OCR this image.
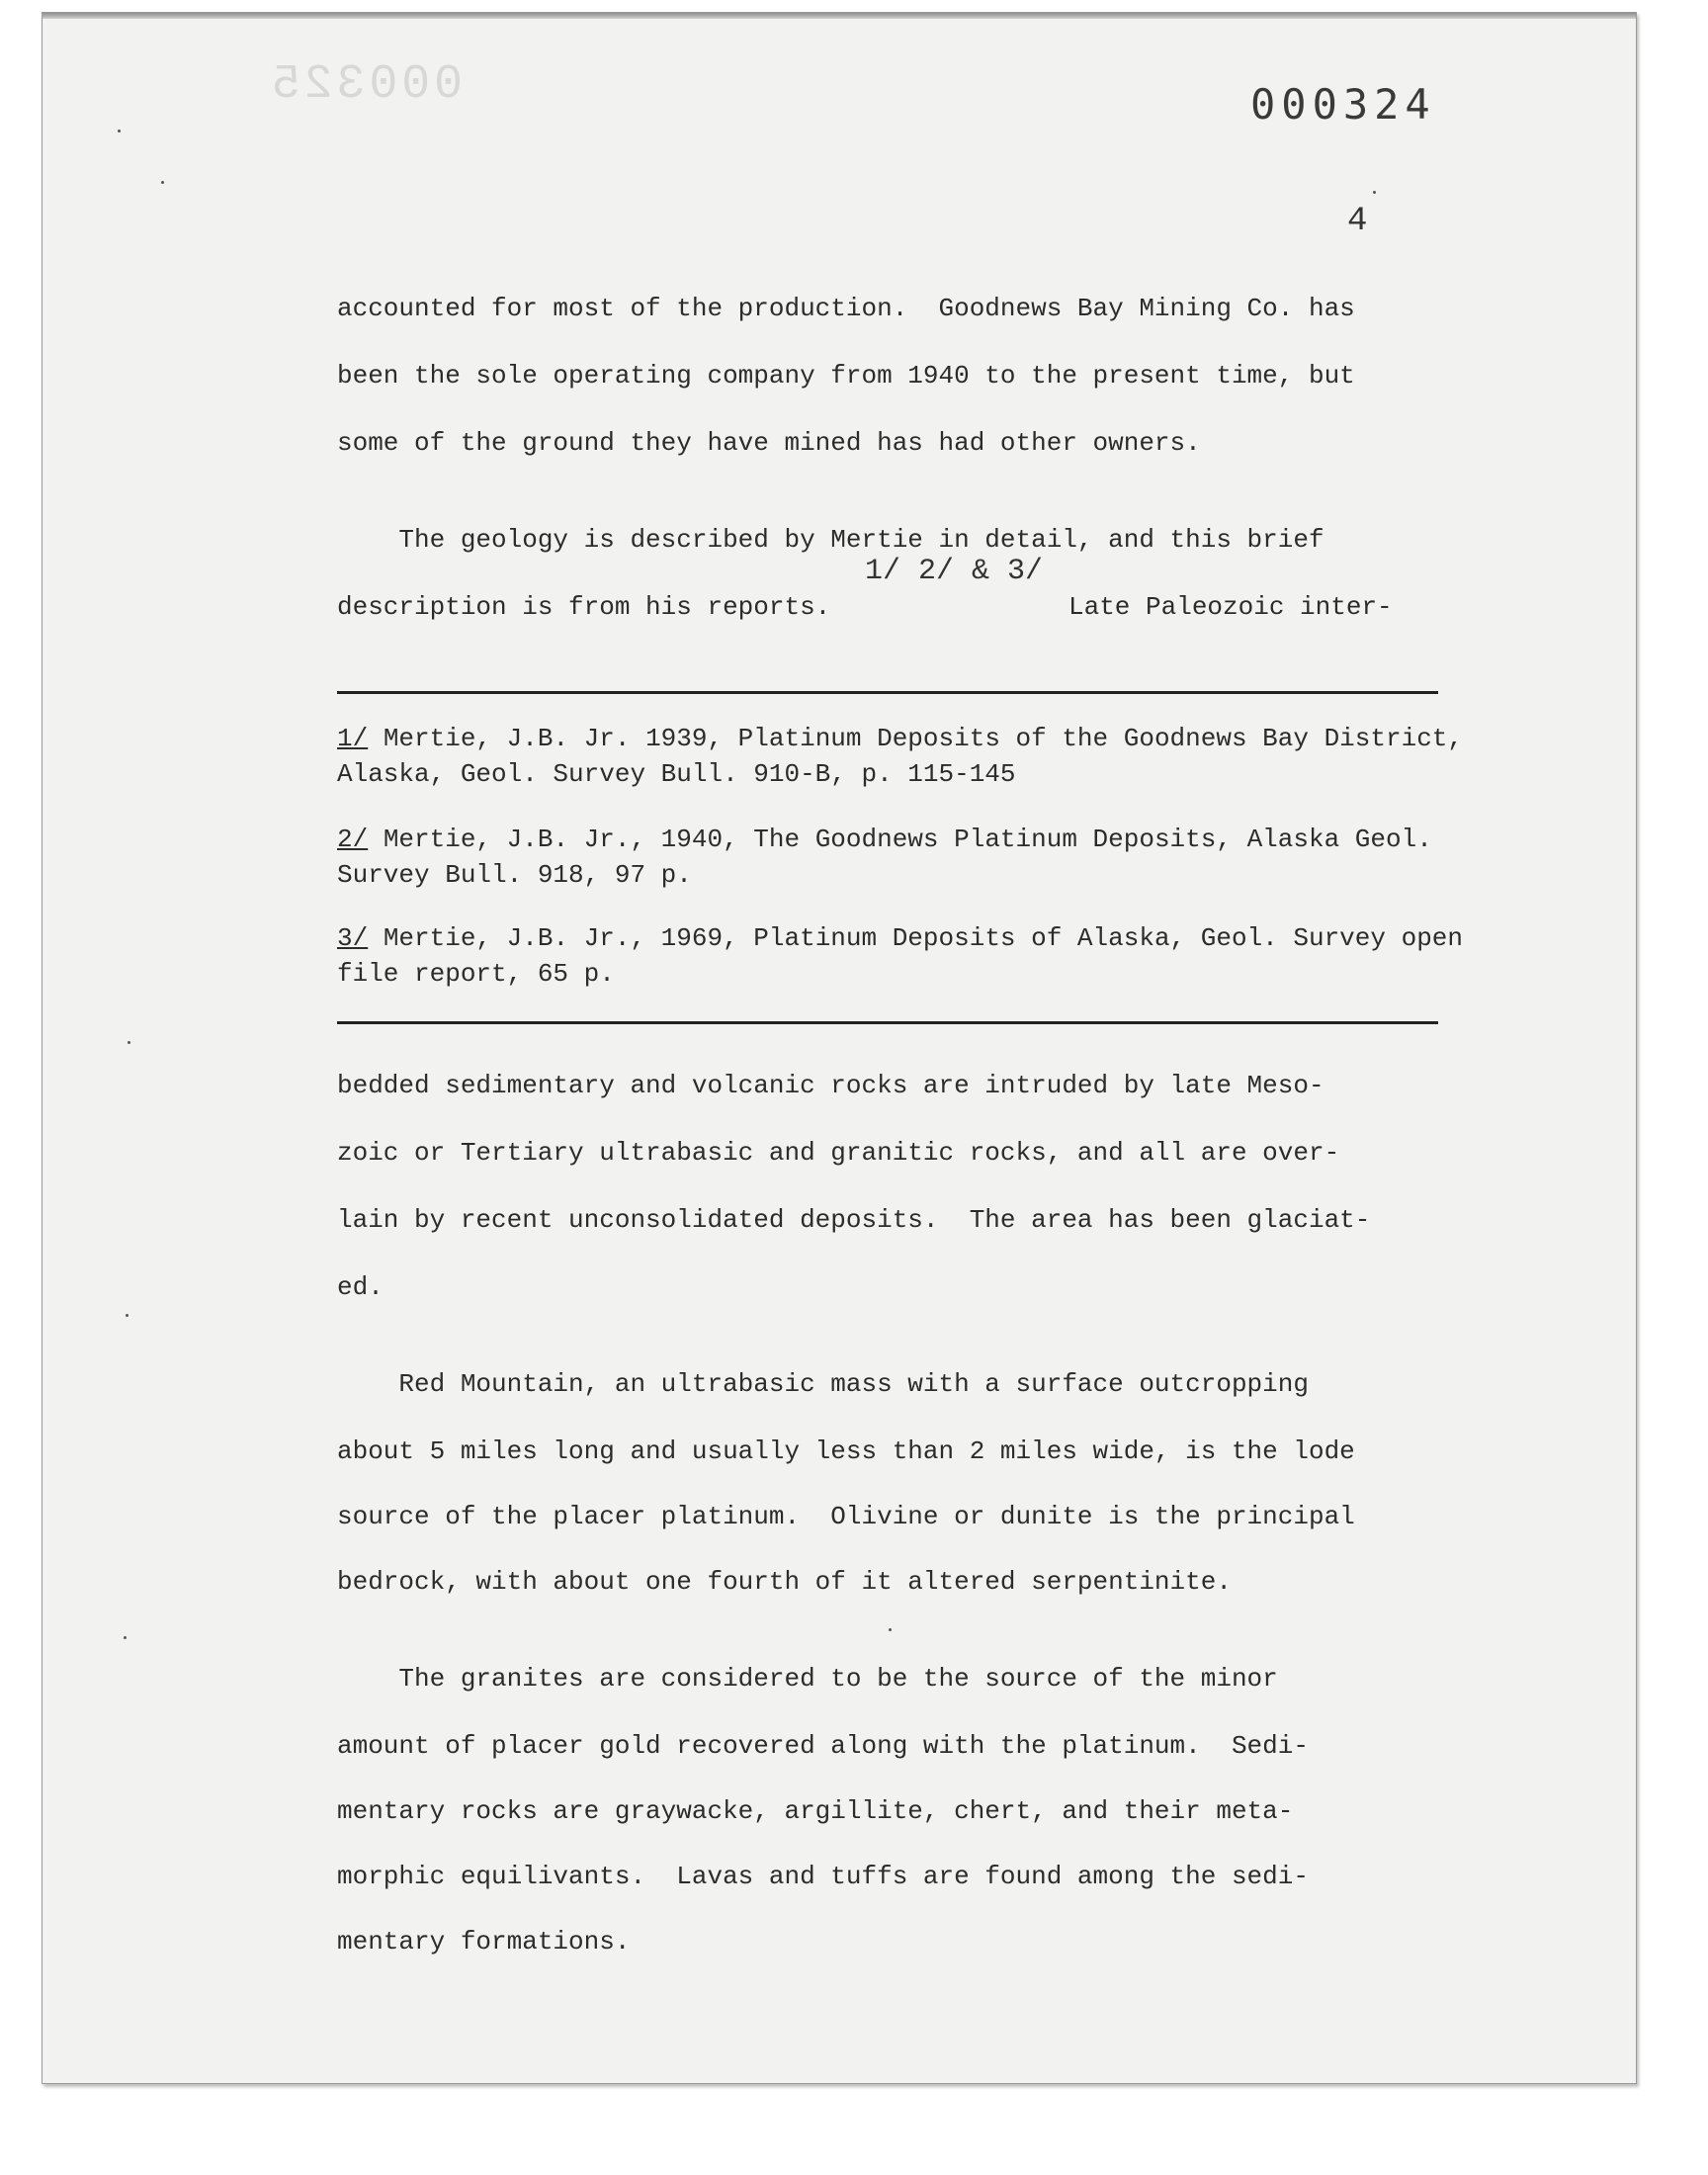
000325	000324
4
accounted for most of the production.  Goodnews Bay Mining Co. has
been the sole operating company from 1940 to the present time, but
some of the ground they have mined has had other owners.
The geology is described by Mertie in detail, and this brief
1/ 2/ & 3/
description is from his reports.	Late Paleozoic inter-
1/ Mertie, J.B. Jr. 1939, Platinum Deposits of the Goodnews Bay District, Alaska, Geol. Survey Bull. 910-B, p. 115-145
2/ Mertie, J.B. Jr., 1940, The Goodnews Platinum Deposits, Alaska Geol. Survey Bull. 918, 97 p.
3/ Mertie, J.B. Jr., 1969, Platinum Deposits of Alaska, Geol. Survey open file report, 65 p.
bedded sedimentary and volcanic rocks are intruded by late Meso-
zoic or Tertiary ultrabasic and granitic rocks, and all are over-
lain by recent unconsolidated deposits.  The area has been glaciat-
ed.
Red Mountain, an ultrabasic mass with a surface outcropping
about 5 miles long and usually less than 2 miles wide, is the lode
source of the placer platinum.  Olivine or dunite is the principal
bedrock, with about one fourth of it altered serpentinite.
The granites are considered to be the source of the minor
amount of placer gold recovered along with the platinum.  Sedi-
mentary rocks are graywacke, argillite, chert, and their meta-
morphic equilivants.  Lavas and tuffs are found among the sedi-
mentary formations.
